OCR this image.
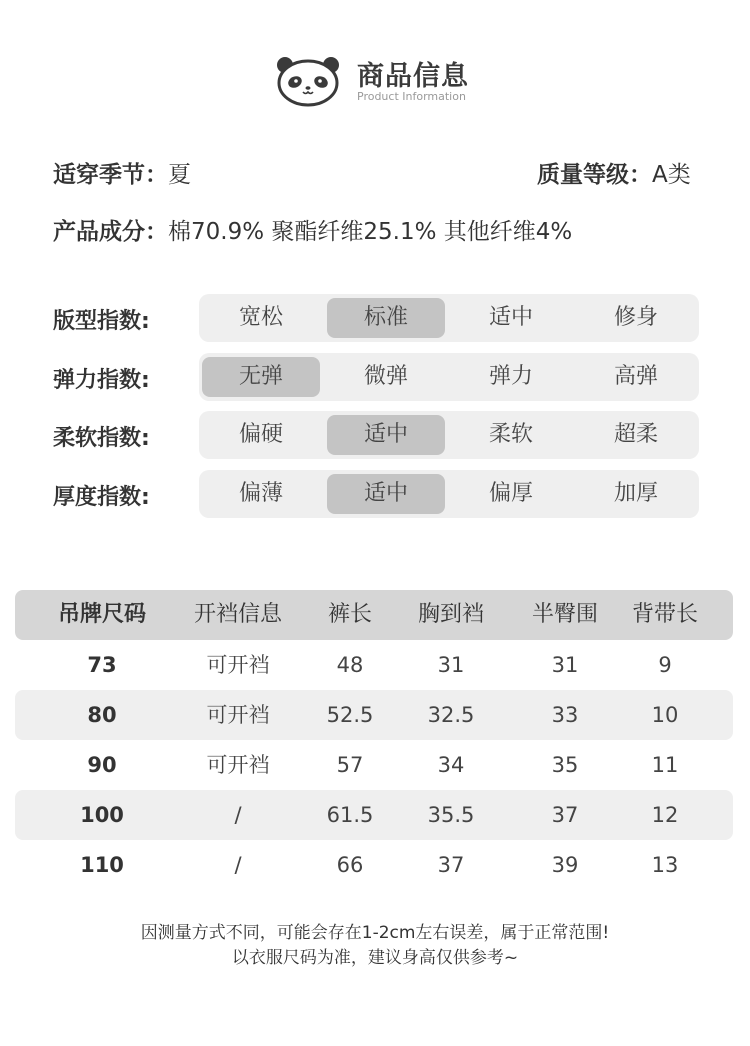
商品信息
Product Information
适穿季节：夏	质量等级：A类
产品成分：棉70.9% 聚酯纤维25.1% 其他纤维4%
版型指数:	宽松	标准	适中	修身
弹力指数:	无弹	微弹	弹力	高弹
柔软指数:	偏硬	适中	柔软	超柔
厚度指数:	偏薄	适中	偏厚	加厚
吊牌尺码	开裆信息	裤长	胸到裆	半臀围	背带长
73	可开裆	48	31	31	9
80	可开裆	52.5	32.5	33	10
90	可开裆	57	34	35	11
100	/	61.5	35.5	37	12
110	/	66	37	39	13
因测量方式不同，可能会存在1-2cm左右误差，属于正常范围!
以衣服尺码为准，建议身高仅供参考~
